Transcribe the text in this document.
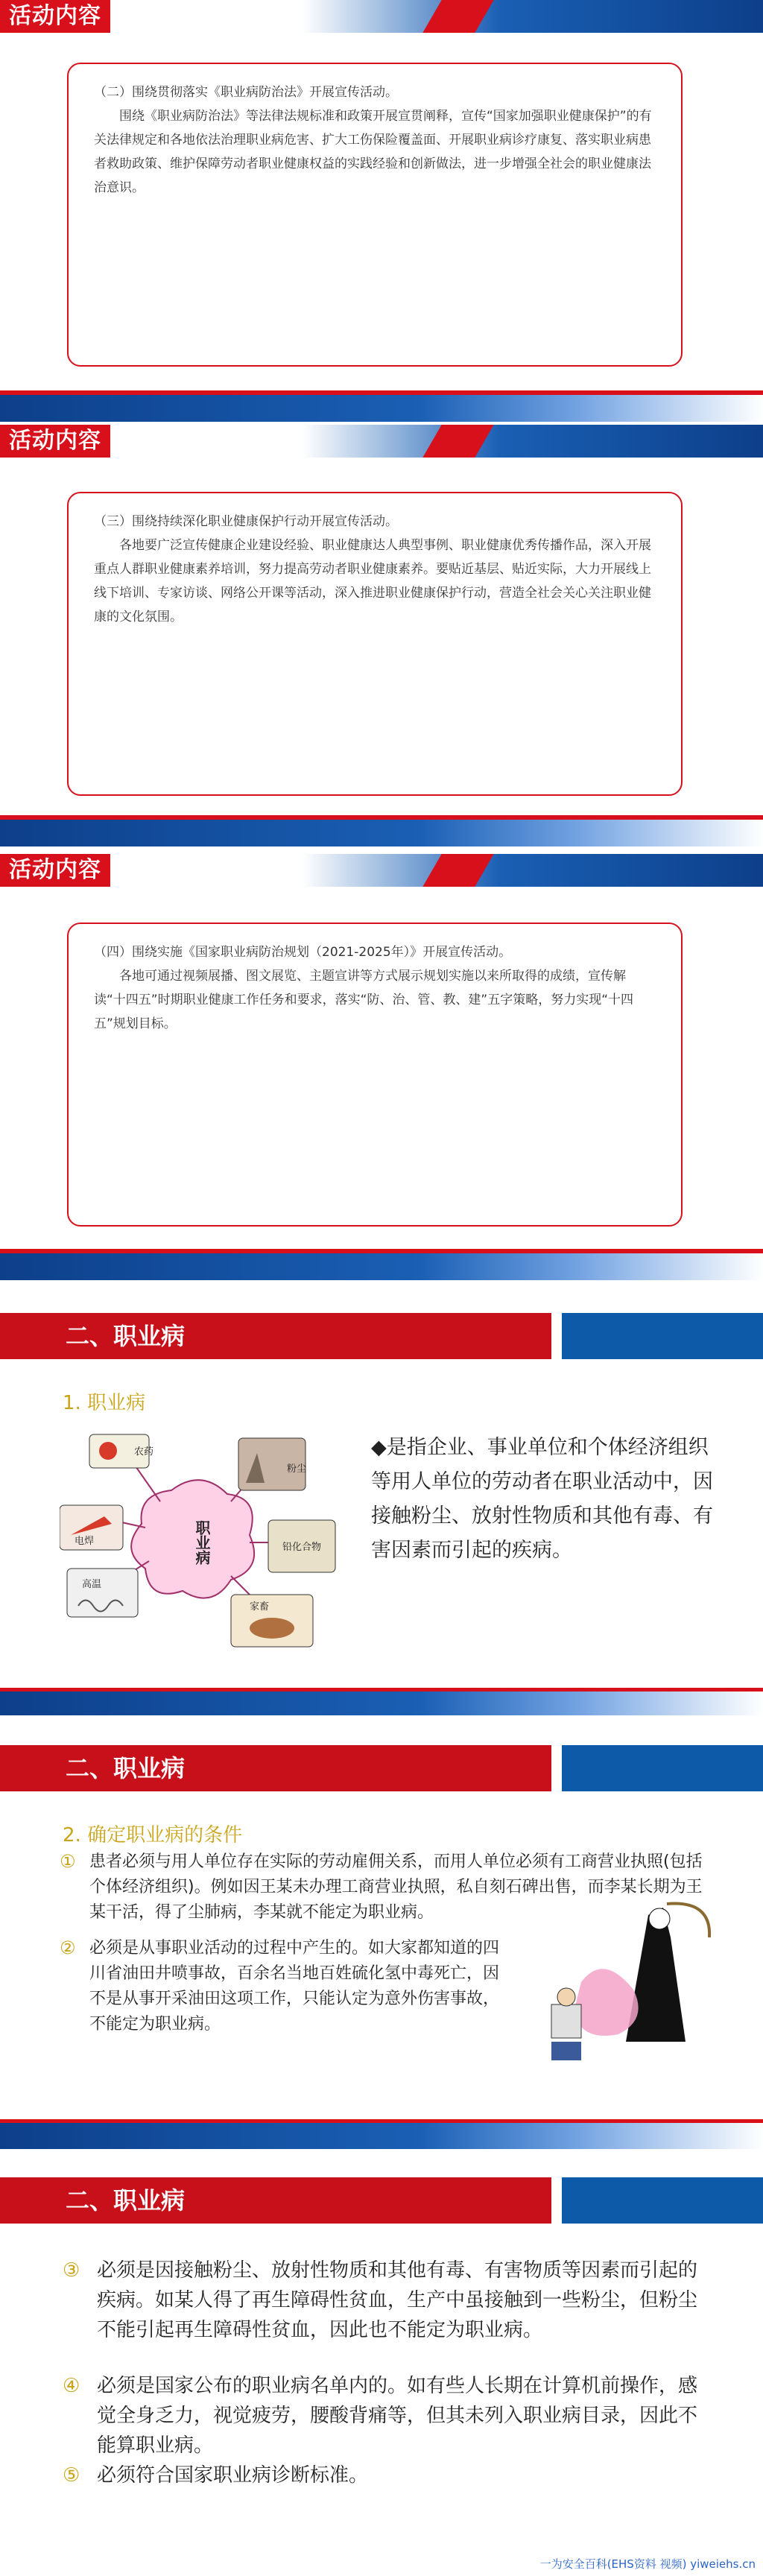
活动内容

（二）围绕贯彻落实《职业病防治法》开展宣传活动。

围绕《职业病防治法》等法律法规标准和政策开展宣贯阐释，宣传“国家加强职业健康保护”的有关法律规定和各地依法治理职业病危害、扩大工伤保险覆盖面、开展职业病诊疗康复、落实职业病患者救助政策、维护保障劳动者职业健康权益的实践经验和创新做法，进一步增强全社会的职业健康法治意识。

活动内容

（三）围绕持续深化职业健康保护行动开展宣传活动。

各地要广泛宣传健康企业建设经验、职业健康达人典型事例、职业健康优秀传播作品，深入开展重点人群职业健康素养培训，努力提高劳动者职业健康素养。要贴近基层、贴近实际，大力开展线上线下培训、专家访谈、网络公开课等活动，深入推进职业健康保护行动，营造全社会关心关注职业健康的文化氛围。

活动内容

（四）围绕实施《国家职业病防治规划（2021-2025年）》开展宣传活动。

各地可通过视频展播、图文展览、主题宣讲等方式展示规划实施以来所取得的成绩，宣传解读“十四五”时期职业健康工作任务和要求，落实“防、治、管、教、建”五字策略，努力实现“十四五”规划目标。

二、职业病
1. 职业病
农药
粉尘
铅化合物
电焊
高温
家畜
职业病
◆是指企业、事业单位和个体经济组织等用人单位的劳动者在职业活动中，因接触粉尘、放射性物质和其他有毒、有害因素而引起的疾病。
二、职业病
2. 确定职业病的条件
① 患者必须与用人单位存在实际的劳动雇佣关系，而用人单位必须有工商营业执照(包括个体经济组织)。例如因王某未办理工商营业执照，私自刻石碑出售，而李某长期为王某干活，得了尘肺病，李某就不能定为职业病。
② 必须是从事职业活动的过程中产生的。如大家都知道的四川省油田井喷事故，百余名当地百姓硫化氢中毒死亡，因不是从事开采油田这项工作，只能认定为意外伤害事故，不能定为职业病。
二、职业病
③ 必须是因接触粉尘、放射性物质和其他有毒、有害物质等因素而引起的疾病。如某人得了再生障碍性贫血，生产中虽接触到一些粉尘，但粉尘不能引起再生障碍性贫血，因此也不能定为职业病。
④ 必须是国家公布的职业病名单内的。如有些人长期在计算机前操作，感觉全身乏力，视觉疲劳，腰酸背痛等，但其未列入职业病目录，因此不能算职业病。
⑤ 必须符合国家职业病诊断标准。
一为安全百科(EHS资料 视频) yiweiehs.cn
